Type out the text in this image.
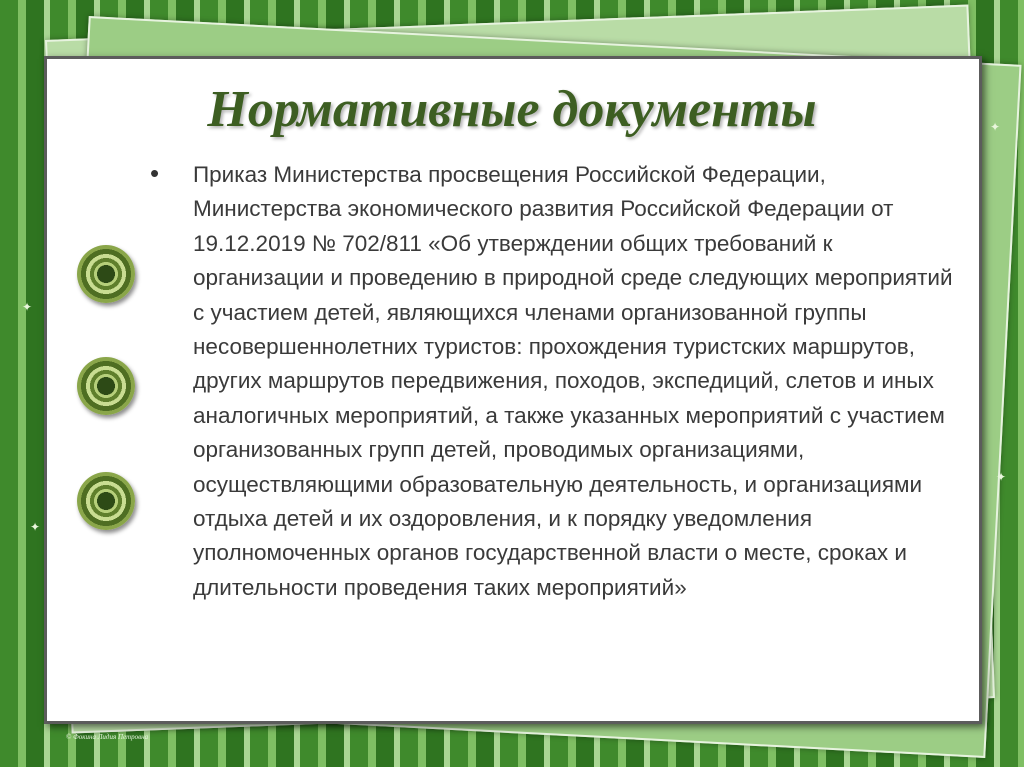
✦
✦
✦
✦
Нормативные документы
• Приказ Министерства просвещения Российской Федерации, Министерства экономического развития Российской Федерации от 19.12.2019 № 702/811 «Об утверждении общих требований к организации и проведению в природной среде следующих мероприятий с участием детей, являющихся членами организованной группы несовершеннолетних туристов: прохождения туристских маршрутов, других маршрутов передвижения, походов, экспедиций, слетов и иных аналогичных мероприятий, а также указанных мероприятий с участием организованных групп детей, проводимых организациями, осуществляющими образовательную деятельность, и организациями отдыха детей и их оздоровления, и к порядку уведомления уполномоченных органов государственной власти о месте, сроках и длительности проведения таких мероприятий»

© Фокина Лидия Петровна
